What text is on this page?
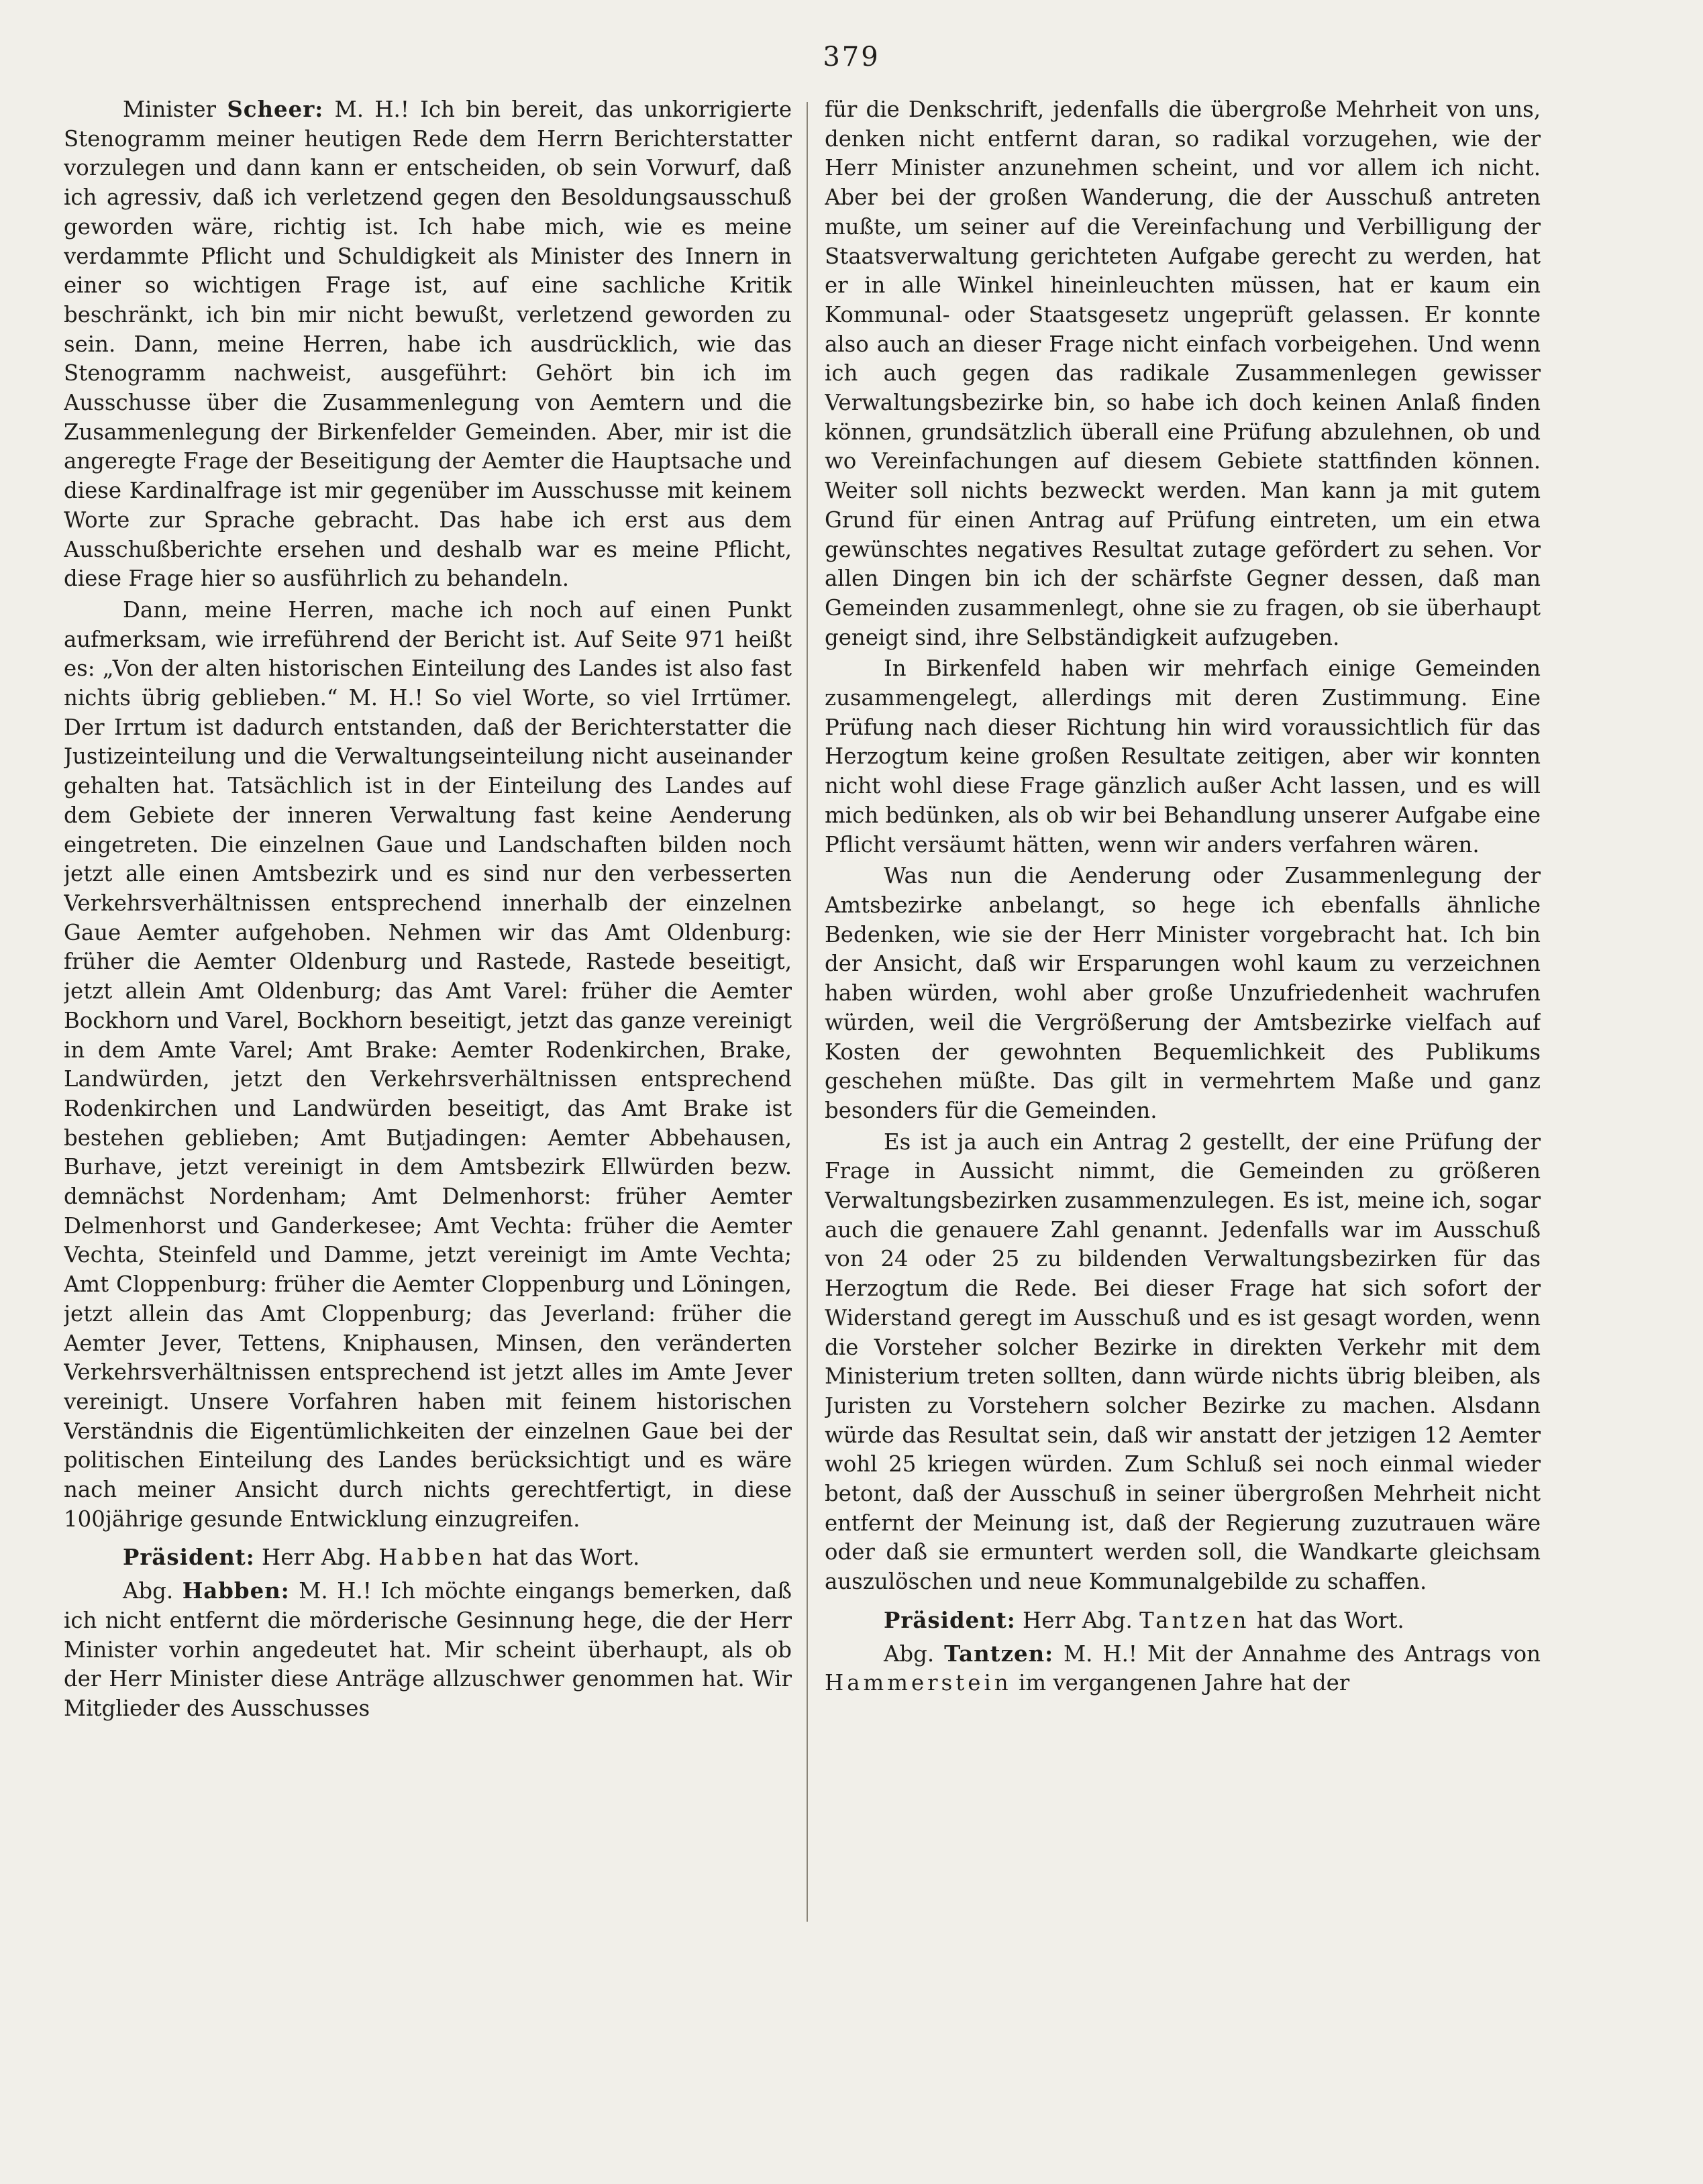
379

Minister Scheer: M. H.! Ich bin bereit, das unkorrigierte Stenogramm meiner heutigen Rede dem Herrn Berichterstatter vorzulegen und dann kann er entscheiden, ob sein Vorwurf, daß ich agressiv, daß ich verletzend gegen den Besoldungsausschuß geworden wäre, richtig ist. Ich habe mich, wie es meine verdammte Pflicht und Schuldigkeit als Minister des Innern in einer so wichtigen Frage ist, auf eine sachliche Kritik beschränkt, ich bin mir nicht bewußt, verletzend geworden zu sein. Dann, meine Herren, habe ich ausdrücklich, wie das Stenogramm nachweist, ausgeführt: Gehört bin ich im Ausschusse über die Zusammenlegung von Aemtern und die Zusammenlegung der Birkenfelder Gemeinden. Aber, mir ist die angeregte Frage der Beseitigung der Aemter die Hauptsache und diese Kardinalfrage ist mir gegenüber im Ausschusse mit keinem Worte zur Sprache gebracht. Das habe ich erst aus dem Ausschußberichte ersehen und deshalb war es meine Pflicht, diese Frage hier so ausführlich zu behandeln.

Dann, meine Herren, mache ich noch auf einen Punkt aufmerksam, wie irreführend der Bericht ist. Auf Seite 971 heißt es: „Von der alten historischen Einteilung des Landes ist also fast nichts übrig geblieben.“ M. H.! So viel Worte, so viel Irrtümer. Der Irrtum ist dadurch entstanden, daß der Berichterstatter die Justizeinteilung und die Verwaltungseinteilung nicht auseinander gehalten hat. Tatsächlich ist in der Einteilung des Landes auf dem Gebiete der inneren Verwaltung fast keine Aenderung eingetreten. Die einzelnen Gaue und Landschaften bilden noch jetzt alle einen Amtsbezirk und es sind nur den verbesserten Verkehrsverhältnissen entsprechend innerhalb der einzelnen Gaue Aemter aufgehoben. Nehmen wir das Amt Oldenburg: früher die Aemter Oldenburg und Rastede, Rastede beseitigt, jetzt allein Amt Oldenburg; das Amt Varel: früher die Aemter Bockhorn und Varel, Bockhorn beseitigt, jetzt das ganze vereinigt in dem Amte Varel; Amt Brake: Aemter Rodenkirchen, Brake, Landwürden, jetzt den Verkehrsverhältnissen entsprechend Rodenkirchen und Landwürden beseitigt, das Amt Brake ist bestehen geblieben; Amt Butjadingen: Aemter Abbehausen, Burhave, jetzt vereinigt in dem Amtsbezirk Ellwürden bezw. demnächst Nordenham; Amt Delmenhorst: früher Aemter Delmenhorst und Ganderkesee; Amt Vechta: früher die Aemter Vechta, Steinfeld und Damme, jetzt vereinigt im Amte Vechta; Amt Cloppenburg: früher die Aemter Cloppenburg und Löningen, jetzt allein das Amt Cloppenburg; das Jeverland: früher die Aemter Jever, Tettens, Kniphausen, Minsen, den veränderten Verkehrsverhältnissen entsprechend ist jetzt alles im Amte Jever vereinigt. Unsere Vorfahren haben mit feinem historischen Verständnis die Eigentümlichkeiten der einzelnen Gaue bei der politischen Einteilung des Landes berücksichtigt und es wäre nach meiner Ansicht durch nichts gerechtfertigt, in diese 100jährige gesunde Entwicklung einzugreifen.

Präsident: Herr Abg. Habben hat das Wort.

Abg. Habben: M. H.! Ich möchte eingangs bemerken, daß ich nicht entfernt die mörderische Gesinnung hege, die der Herr Minister vorhin angedeutet hat. Mir scheint überhaupt, als ob der Herr Minister diese Anträge allzuschwer genommen hat. Wir Mitglieder des Ausschusses

für die Denkschrift, jedenfalls die übergroße Mehrheit von uns, denken nicht entfernt daran, so radikal vorzugehen, wie der Herr Minister anzunehmen scheint, und vor allem ich nicht. Aber bei der großen Wanderung, die der Ausschuß antreten mußte, um seiner auf die Vereinfachung und Verbilligung der Staatsverwaltung gerichteten Aufgabe gerecht zu werden, hat er in alle Winkel hineinleuchten müssen, hat er kaum ein Kommunal- oder Staatsgesetz ungeprüft gelassen. Er konnte also auch an dieser Frage nicht einfach vorbeigehen. Und wenn ich auch gegen das radikale Zusammenlegen gewisser Verwaltungsbezirke bin, so habe ich doch keinen Anlaß finden können, grundsätzlich überall eine Prüfung abzulehnen, ob und wo Vereinfachungen auf diesem Gebiete stattfinden können. Weiter soll nichts bezweckt werden. Man kann ja mit gutem Grund für einen Antrag auf Prüfung eintreten, um ein etwa gewünschtes negatives Resultat zutage gefördert zu sehen. Vor allen Dingen bin ich der schärfste Gegner dessen, daß man Gemeinden zusammenlegt, ohne sie zu fragen, ob sie überhaupt geneigt sind, ihre Selbständigkeit aufzugeben.

In Birkenfeld haben wir mehrfach einige Gemeinden zusammengelegt, allerdings mit deren Zustimmung. Eine Prüfung nach dieser Richtung hin wird voraussichtlich für das Herzogtum keine großen Resultate zeitigen, aber wir konnten nicht wohl diese Frage gänzlich außer Acht lassen, und es will mich bedünken, als ob wir bei Behandlung unserer Aufgabe eine Pflicht versäumt hätten, wenn wir anders verfahren wären.

Was nun die Aenderung oder Zusammenlegung der Amtsbezirke anbelangt, so hege ich ebenfalls ähnliche Bedenken, wie sie der Herr Minister vorgebracht hat. Ich bin der Ansicht, daß wir Ersparungen wohl kaum zu verzeichnen haben würden, wohl aber große Unzufriedenheit wachrufen würden, weil die Vergrößerung der Amtsbezirke vielfach auf Kosten der gewohnten Bequemlichkeit des Publikums geschehen müßte. Das gilt in vermehrtem Maße und ganz besonders für die Gemeinden.

Es ist ja auch ein Antrag 2 gestellt, der eine Prüfung der Frage in Aussicht nimmt, die Gemeinden zu größeren Verwaltungsbezirken zusammenzulegen. Es ist, meine ich, sogar auch die genauere Zahl genannt. Jedenfalls war im Ausschuß von 24 oder 25 zu bildenden Verwaltungsbezirken für das Herzogtum die Rede. Bei dieser Frage hat sich sofort der Widerstand geregt im Ausschuß und es ist gesagt worden, wenn die Vorsteher solcher Bezirke in direkten Verkehr mit dem Ministerium treten sollten, dann würde nichts übrig bleiben, als Juristen zu Vorstehern solcher Bezirke zu machen. Alsdann würde das Resultat sein, daß wir anstatt der jetzigen 12 Aemter wohl 25 kriegen würden. Zum Schluß sei noch einmal wieder betont, daß der Ausschuß in seiner übergroßen Mehrheit nicht entfernt der Meinung ist, daß der Regierung zuzutrauen wäre oder daß sie ermuntert werden soll, die Wandkarte gleichsam auszulöschen und neue Kommunalgebilde zu schaffen.

Präsident: Herr Abg. Tantzen hat das Wort.

Abg. Tantzen: M. H.! Mit der Annahme des Antrags von Hammerstein im vergangenen Jahre hat der
